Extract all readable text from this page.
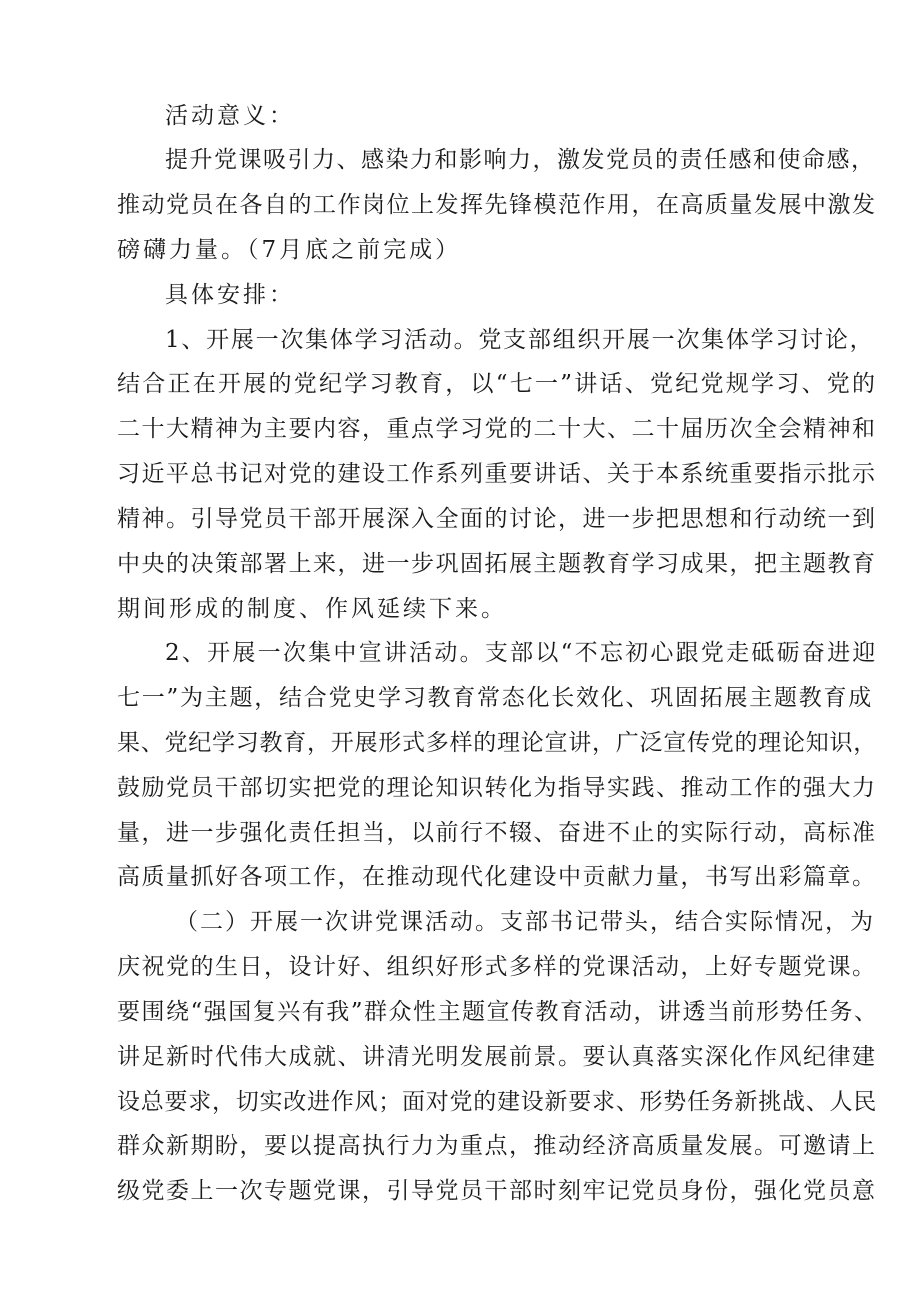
活动意义：
提升党课吸引力、感染力和影响力，激发党员的责任感和使命感，
推动党员在各自的工作岗位上发挥先锋模范作用，在高质量发展中激发
磅礴力量。（7月底之前完成）
具体安排：
1、开展一次集体学习活动。党支部组织开展一次集体学习讨论，
结合正在开展的党纪学习教育，以“七一”讲话、党纪党规学习、党的
二十大精神为主要内容，重点学习党的二十大、二十届历次全会精神和
习近平总书记对党的建设工作系列重要讲话、关于本系统重要指示批示
精神。引导党员干部开展深入全面的讨论，进一步把思想和行动统一到
中央的决策部署上来，进一步巩固拓展主题教育学习成果，把主题教育
期间形成的制度、作风延续下来。
2、开展一次集中宣讲活动。支部以“不忘初心跟党走砥砺奋进迎
七一”为主题，结合党史学习教育常态化长效化、巩固拓展主题教育成
果、党纪学习教育，开展形式多样的理论宣讲，广泛宣传党的理论知识，
鼓励党员干部切实把党的理论知识转化为指导实践、推动工作的强大力
量，进一步强化责任担当，以前行不辍、奋进不止的实际行动，高标准
高质量抓好各项工作，在推动现代化建设中贡献力量，书写出彩篇章。
（二）开展一次讲党课活动。支部书记带头，结合实际情况，为
庆祝党的生日，设计好、组织好形式多样的党课活动，上好专题党课。
要围绕“强国复兴有我”群众性主题宣传教育活动，讲透当前形势任务、
讲足新时代伟大成就、讲清光明发展前景。要认真落实深化作风纪律建
设总要求，切实改进作风；面对党的建设新要求、形势任务新挑战、人民
群众新期盼，要以提高执行力为重点，推动经济高质量发展。可邀请上
级党委上一次专题党课，引导党员干部时刻牢记党员身份，强化党员意
